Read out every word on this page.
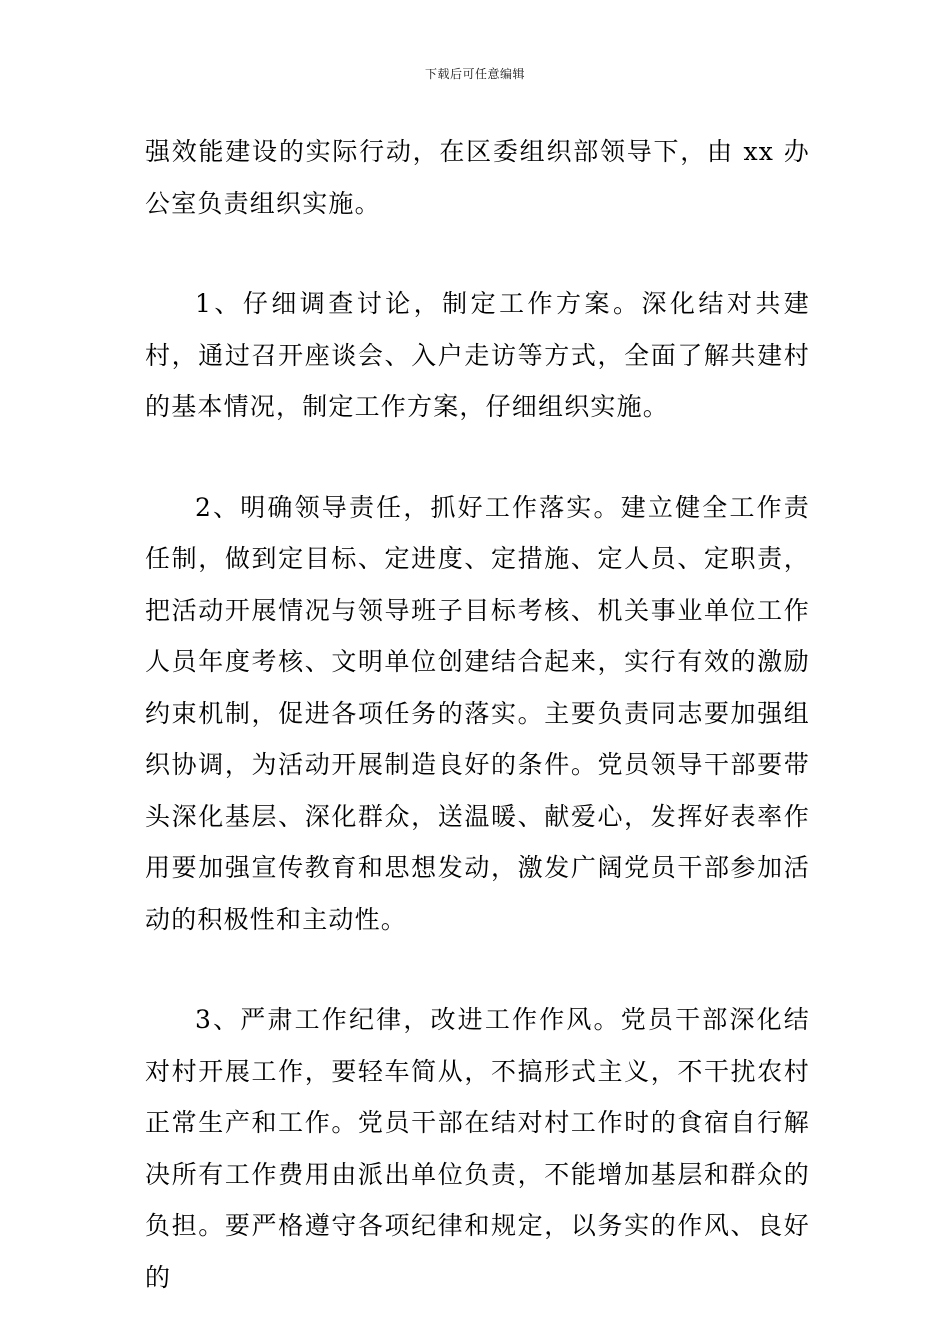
下载后可任意编辑

强效能建设的实际行动，在区委组织部领导下，由 xx 办公室负责组织实施。

1、仔细调查讨论，制定工作方案。深化结对共建村，通过召开座谈会、入户走访等方式，全面了解共建村的基本情况，制定工作方案，仔细组织实施。

2、明确领导责任，抓好工作落实。建立健全工作责任制，做到定目标、定进度、定措施、定人员、定职责，把活动开展情况与领导班子目标考核、机关事业单位工作人员年度考核、文明单位创建结合起来，实行有效的激励约束机制，促进各项任务的落实。主要负责同志要加强组织协调，为活动开展制造良好的条件。党员领导干部要带头深化基层、深化群众，送温暖、献爱心，发挥好表率作用要加强宣传教育和思想发动，激发广阔党员干部参加活动的积极性和主动性。

3、严肃工作纪律，改进工作作风。党员干部深化结对村开展工作，要轻车简从，不搞形式主义，不干扰农村正常生产和工作。党员干部在结对村工作时的食宿自行解决所有工作费用由派出单位负责，不能增加基层和群众的负担。要严格遵守各项纪律和规定，以务实的作风、良好的
